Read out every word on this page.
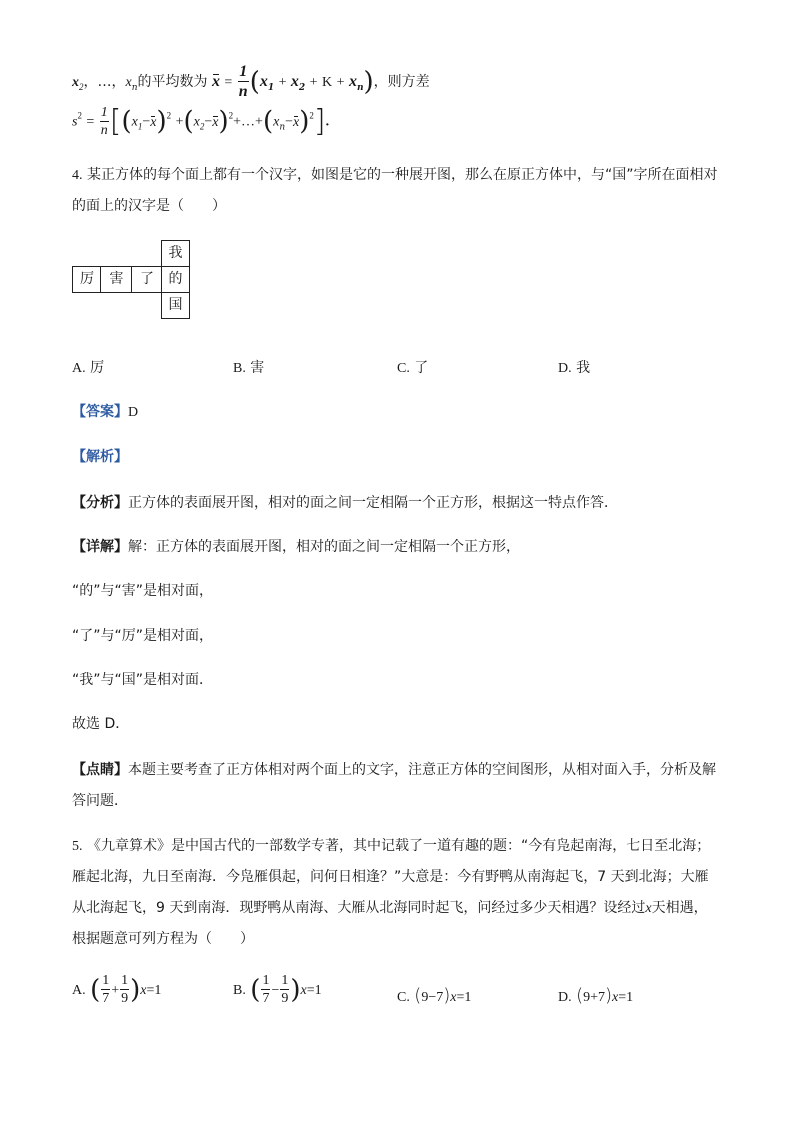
$x_2$，…，$x_n$的平均数为 $x = \frac{1}{n} (x_1 + x_2 + K + x_n)$，则方差
$s^2 = \frac{1}{n} [(x_1-x)^2$ $+(x_2-x)^2+\dots+(x_n-x)^2$].
4. 某正方体的每个面上都有一个汉字，如图是它的一种展开图，那么在原正方体中，与“国”字所在面相对
的面上的汉字是（　　）
我
厉	害	了	的
国
A. 厉	B. 害	C. 了	D. 我
【答案】D
【解析】
【分析】正方体的表面展开图，相对的面之间一定相隔一个正方形，根据这一特点作答．
【详解】解：正方体的表面展开图，相对的面之间一定相隔一个正方形，
“的”与“害”是相对面，
“了”与“厉”是相对面，
“我”与“国”是相对面．
故选 D．
【点睛】本题主要考查了正方体相对两个面上的文字，注意正方体的空间图形，从相对面入手，分析及解
答问题．
5. 《九章算术》是中国古代的一部数学专著，其中记载了一道有趣的题：“今有凫起南海，七日至北海；
雁起北海，九日至南海．今凫雁俱起，问何日相逢？”大意是：今有野鸭从南海起飞，7 天到北海；大雁
从北海起飞，9 天到南海．现野鸭从南海、大雁从北海同时起飞，问经过多少天相遇？设经过x天相遇，
根据题意可列方程为（　　）
A. ( $\frac{1}{7} + \frac{1}{9} )x=1$	B. ( $\frac{1}{7} - \frac{1}{9} )x=1$	C. (9−7)x=1	D. (9+7)x=1
